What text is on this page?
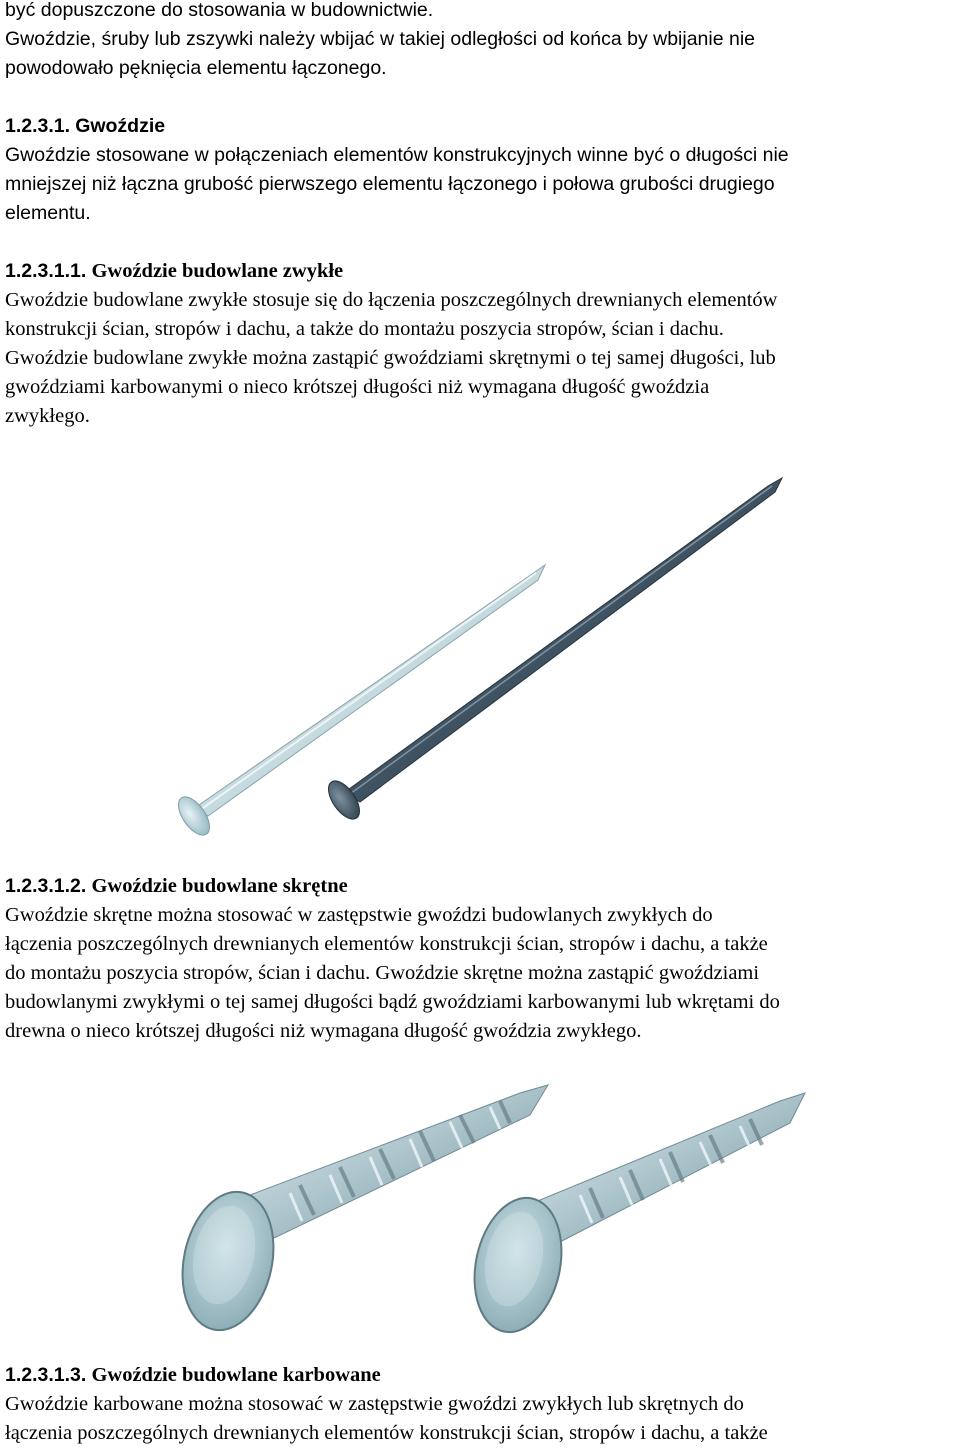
być dopuszczone do stosowania w budownictwie.
Gwoździe, śruby lub zszywki należy wbijać w takiej odległości od końca by wbijanie nie
powodowało pęknięcia elementu łączonego.
1.2.3.1. Gwoździe
Gwoździe stosowane w połączeniach elementów konstrukcyjnych winne być o długości nie
mniejszej niż łączna grubość pierwszego elementu łączonego i połowa grubości drugiego
elementu.
1.2.3.1.1. Gwoździe budowlane zwykłe
Gwoździe budowlane zwykłe stosuje się do łączenia poszczególnych drewnianych elementów
konstrukcji ścian, stropów i dachu, a także do montażu poszycia stropów, ścian i dachu.
Gwoździe budowlane zwykłe można zastąpić gwoździami skrętnymi o tej samej długości, lub
gwoździami karbowanymi o nieco krótszej długości niż wymagana długość gwoździa
zwykłego.
1.2.3.1.2. Gwoździe budowlane skrętne
Gwoździe skrętne można stosować w zastępstwie gwoździ budowlanych zwykłych do
łączenia poszczególnych drewnianych elementów konstrukcji ścian, stropów i dachu, a także
do montażu poszycia stropów, ścian i dachu. Gwoździe skrętne można zastąpić gwoździami
budowlanymi zwykłymi o tej samej długości bądź gwoździami karbowanymi lub wkrętami do
drewna o nieco krótszej długości niż wymagana długość gwoździa zwykłego.
1.2.3.1.3. Gwoździe budowlane karbowane
Gwoździe karbowane można stosować w zastępstwie gwoździ zwykłych lub skrętnych do
łączenia poszczególnych drewnianych elementów konstrukcji ścian, stropów i dachu, a także
